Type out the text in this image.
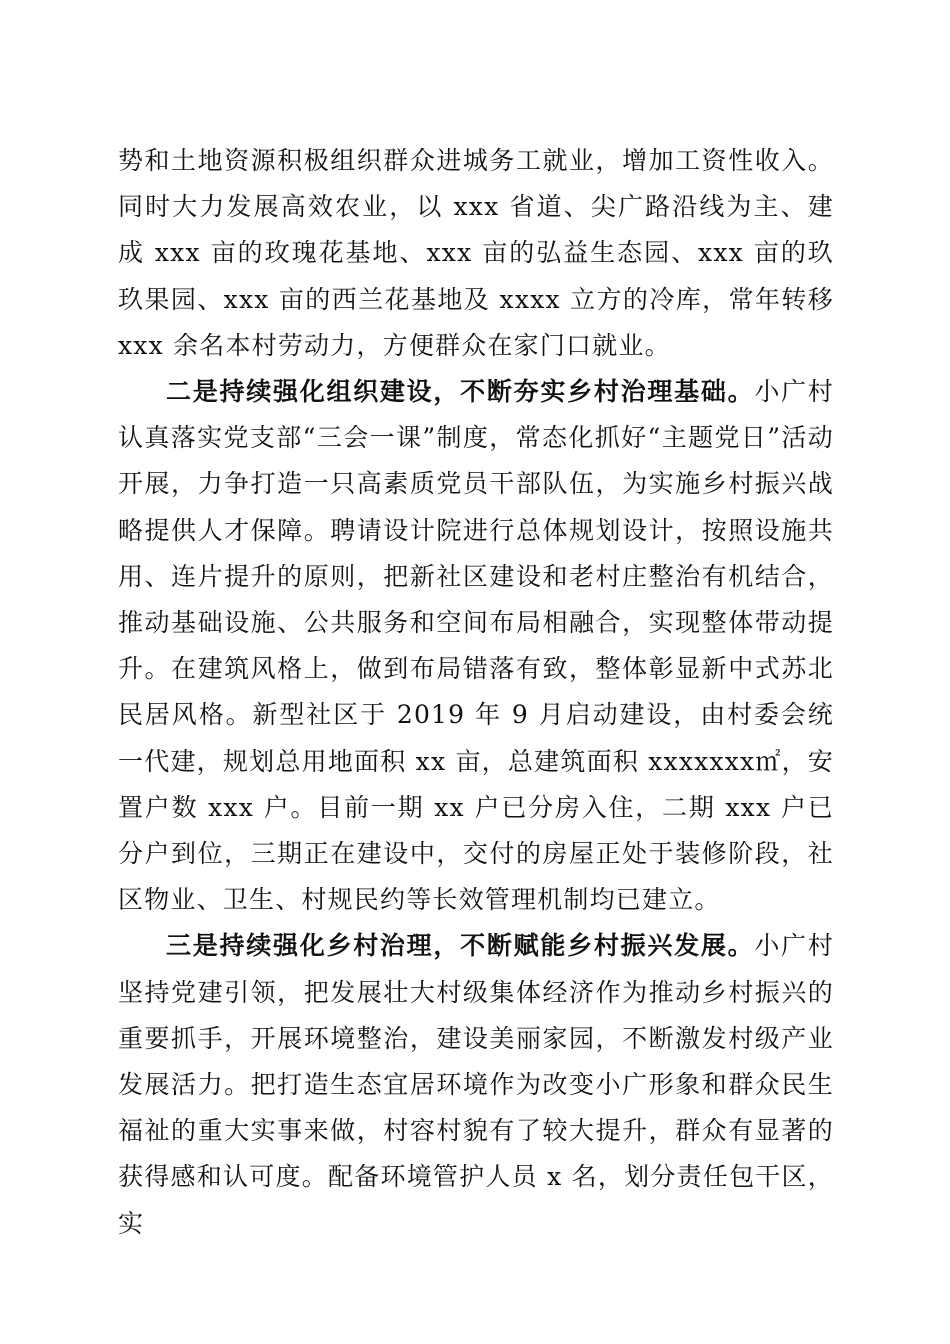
势和土地资源积极组织群众进城务工就业，增加工资性收入。同时大力发展高效农业，以 xxx 省道、尖广路沿线为主、建成 xxx 亩的玫瑰花基地、xxx 亩的弘益生态园、xxx 亩的玖玖果园、xxx 亩的西兰花基地及 xxxx 立方的冷库，常年转移 xxx 余名本村劳动力，方便群众在家门口就业。

二是持续强化组织建设，不断夯实乡村治理基础。小广村认真落实党支部“三会一课”制度，常态化抓好“主题党日”活动开展，力争打造一只高素质党员干部队伍，为实施乡村振兴战略提供人才保障。聘请设计院进行总体规划设计，按照设施共用、连片提升的原则，把新社区建设和老村庄整治有机结合，推动基础设施、公共服务和空间布局相融合，实现整体带动提升。在建筑风格上，做到布局错落有致，整体彰显新中式苏北民居风格。新型社区于 2019 年 9 月启动建设，由村委会统一代建，规划总用地面积 xx 亩，总建筑面积 xxxxxxx㎡，安置户数 xxx 户。目前一期 xx 户已分房入住，二期 xxx 户已分户到位，三期正在建设中，交付的房屋正处于装修阶段，社区物业、卫生、村规民约等长效管理机制均已建立。

三是持续强化乡村治理，不断赋能乡村振兴发展。小广村坚持党建引领，把发展壮大村级集体经济作为推动乡村振兴的重要抓手，开展环境整治，建设美丽家园，不断激发村级产业发展活力。把打造生态宜居环境作为改变小广形象和群众民生福祉的重大实事来做，村容村貌有了较大提升，群众有显著的获得感和认可度。配备环境管护人员 x 名，划分责任包干区，实
